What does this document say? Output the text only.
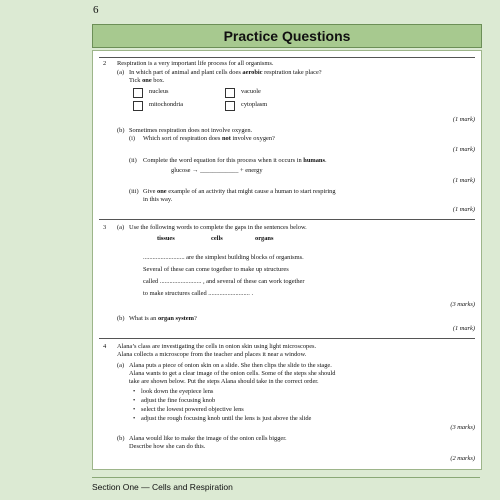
6
Practice Questions
2 Respiration is a very important life process for all organisms.
(a) In which part of animal and plant cells does aerobic respiration take place?
Tick one box.
nucleus	vacuole
mitochondria	cytoplasm
(1 mark)
(b) Sometimes respiration does not involve oxygen.
(i) Which sort of respiration does not involve oxygen?
(1 mark)
(ii) Complete the word equation for this process when it occurs in humans.
glucose → ____________ + energy
(1 mark)
(iii) Give one example of an activity that might cause a human to start respiring
in this way.
(1 mark)
3 (a) Use the following words to complete the gaps in the sentences below.
tissues	cells	organs
.......................... are the simplest building blocks of organisms.
Several of these can come together to make up structures
called .......................... , and several of these can work together
to make structures called .......................... .
(3 marks)
(b) What is an organ system?
(1 mark)
4 Alana’s class are investigating the cells in onion skin using light microscopes.
Alana collects a microscope from the teacher and places it near a window.
(a) Alana puts a piece of onion skin on a slide. She then clips the slide to the stage.
Alana wants to get a clear image of the onion cells. Some of the steps she should
take are shown below. Put the steps Alana should take in the correct order.
• look down the eyepiece lens
• adjust the fine focusing knob
• select the lowest powered objective lens
• adjust the rough focusing knob until the lens is just above the slide
(3 marks)
(b) Alana would like to make the image of the onion cells bigger.
Describe how she can do this.
(2 marks)
Section One — Cells and Respiration
